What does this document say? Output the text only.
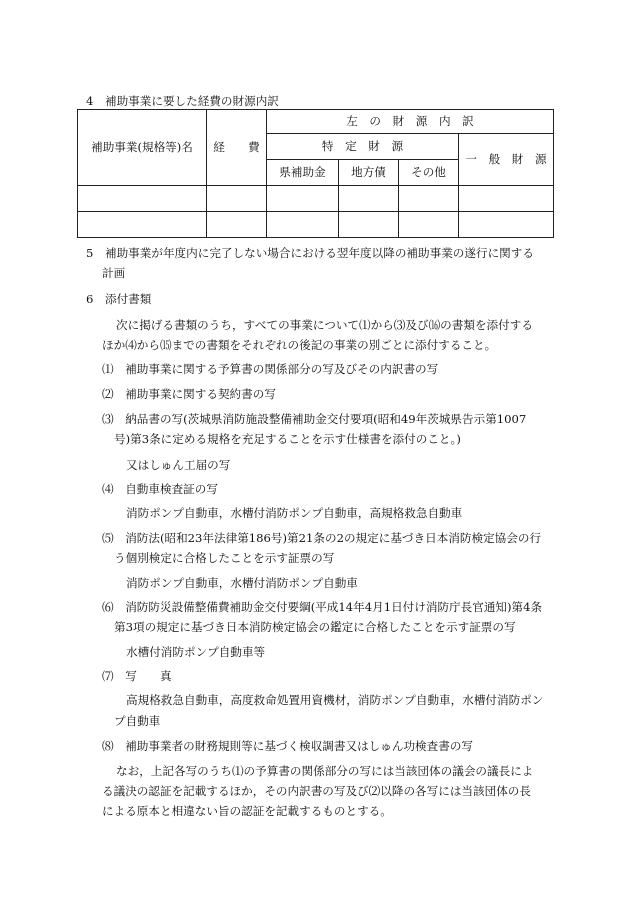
4　補助事業に要した経費の財源内訳
補助事業(規格等)名	経　　費	左　の　財　源　内　訳			
		特　定　財　源			一　般　財　源
		県補助金	地方債	その他	

5　補助事業が年度内に完了しない場合における翌年度以降の補助事業の遂行に関する
計画
6　添付書類
次に掲げる書類のうち，すべての事業について⑴から⑶及び⒃の書類を添付する
ほか⑷から⒂までの書類をそれぞれの後記の事業の別ごとに添付すること。
⑴　補助事業に関する予算書の関係部分の写及びその内訳書の写
⑵　補助事業に関する契約書の写
⑶　納品書の写(茨城県消防施設整備補助金交付要項(昭和49年茨城県告示第1007
号)第3条に定める規格を充足することを示す仕様書を添付のこと。)
又はしゅん工届の写
⑷　自動車検査証の写
消防ポンプ自動車，水槽付消防ポンプ自動車，高規格救急自動車
⑸　消防法(昭和23年法律第186号)第21条の2の規定に基づき日本消防検定協会の行
う個別検定に合格したことを示す証票の写
消防ポンプ自動車，水槽付消防ポンプ自動車
⑹　消防防災設備整備費補助金交付要綱(平成14年4月1日付け消防庁長官通知)第4条
第3項の規定に基づき日本消防検定協会の鑑定に合格したことを示す証票の写
水槽付消防ポンプ自動車等
⑺　写　　真
高規格救急自動車，高度救命処置用資機材，消防ポンプ自動車，水槽付消防ポン
プ自動車
⑻　補助事業者の財務規則等に基づく検収調書又はしゅん功検査書の写
なお，上記各写のうち⑴の予算書の関係部分の写には当該団体の議会の議長によ
る議決の認証を記載するほか，その内訳書の写及び⑵以降の各写には当該団体の長
による原本と相違ない旨の認証を記載するものとする。
